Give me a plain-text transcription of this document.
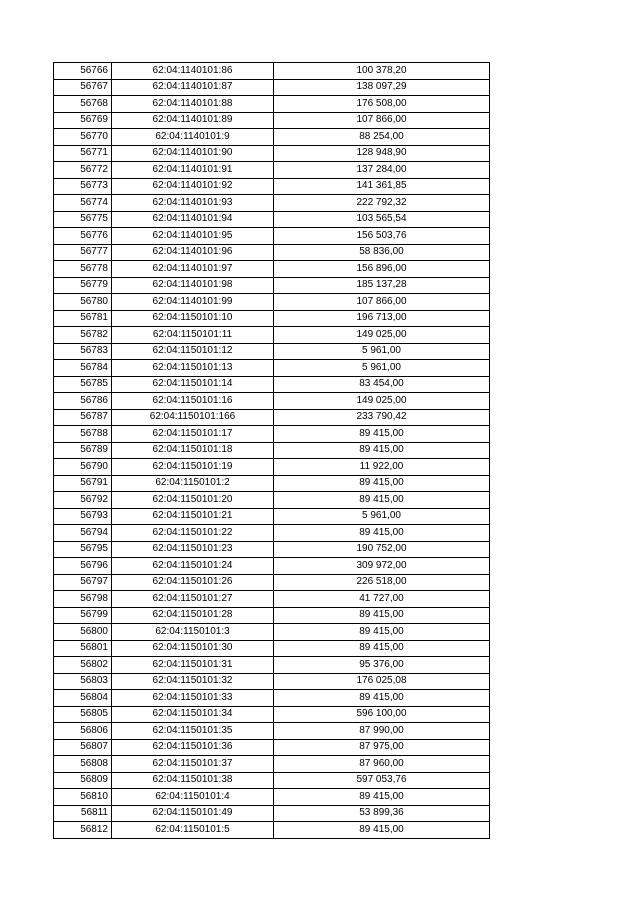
56766	62:04:1140101:86	100 378,20
56767	62:04:1140101:87	138 097,29
56768	62:04:1140101:88	176 508,00
56769	62:04:1140101:89	107 866,00
56770	62:04:1140101:9	88 254,00
56771	62:04:1140101:90	128 948,90
56772	62:04:1140101:91	137 284,00
56773	62:04:1140101:92	141 361,85
56774	62:04:1140101:93	222 792,32
56775	62:04:1140101:94	103 565,54
56776	62:04:1140101:95	156 503,76
56777	62:04:1140101:96	58 836,00
56778	62:04:1140101:97	156 896,00
56779	62:04:1140101:98	185 137,28
56780	62:04:1140101:99	107 866,00
56781	62:04:1150101:10	196 713,00
56782	62:04:1150101:11	149 025,00
56783	62:04:1150101:12	5 961,00
56784	62:04:1150101:13	5 961,00
56785	62:04:1150101:14	83 454,00
56786	62:04:1150101:16	149 025,00
56787	62:04:1150101:166	233 790,42
56788	62:04:1150101:17	89 415,00
56789	62:04:1150101:18	89 415,00
56790	62:04:1150101:19	11 922,00
56791	62:04:1150101:2	89 415,00
56792	62:04:1150101:20	89 415,00
56793	62:04:1150101:21	5 961,00
56794	62:04:1150101:22	89 415,00
56795	62:04:1150101:23	190 752,00
56796	62:04:1150101:24	309 972,00
56797	62:04:1150101:26	226 518,00
56798	62:04:1150101:27	41 727,00
56799	62:04:1150101:28	89 415,00
56800	62:04:1150101:3	89 415,00
56801	62:04:1150101:30	89 415,00
56802	62:04:1150101:31	95 376,00
56803	62:04:1150101:32	176 025,08
56804	62:04:1150101:33	89 415,00
56805	62:04:1150101:34	596 100,00
56806	62:04:1150101:35	87 990,00
56807	62:04:1150101:36	87 975,00
56808	62:04:1150101:37	87 960,00
56809	62:04:1150101:38	597 053,76
56810	62:04:1150101:4	89 415,00
56811	62:04:1150101:49	53 899,36
56812	62:04:1150101:5	89 415,00
